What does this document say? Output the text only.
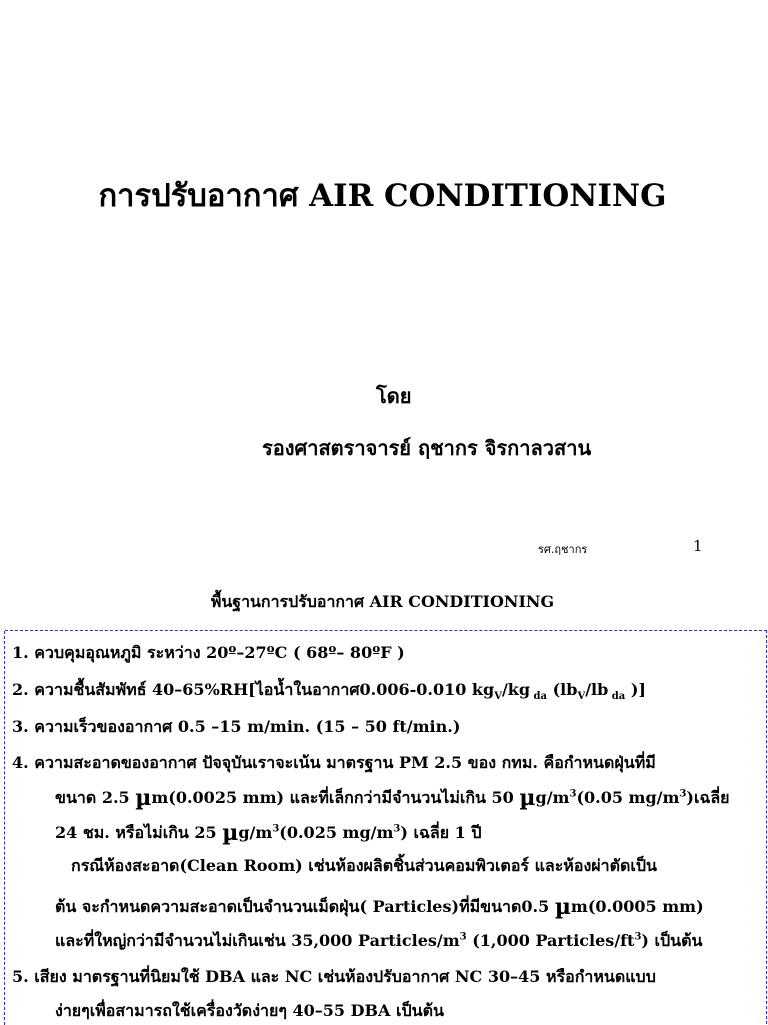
การปรับอากาศ AIR CONDITIONING
โดย
รองศาสตราจารย์ ฤชากร จิรกาลวสาน
รศ.ฤชากร	1
พื้นฐานการปรับอากาศ AIR CONDITIONING
1. ควบคุมอุณหภูมิ ระหว่าง 20º–27ºC ( 68º– 80ºF )
2. ความชื้นสัมพัทธ์ 40–65%RH[ไอน้ำในอากาศ0.006-0.010 $kg_V/kg$ $_{da}$ ($lb_V/lb$ $_{da}$ )]
3. ความเร็วของอากาศ 0.5 –15 m/min. (15 – 50 ft/min.)
4. ความสะอาดของอากาศ ปัจจุบันเราจะเน้น มาตรฐาน PM 2.5 ของ กทม. คือกำหนดฝุ่นที่มี
ขนาด 2.5 µm(0.0025 mm) และที่เล็กกว่ามีจำนวนไม่เกิน 50 $\mu g/m^3(0.05$ $mg/m^3$)เฉลี่ย
24 ชม. หรือไม่เกิน 25 $\mu g/m^3(0.025$ $mg/m^3$) เฉลี่ย 1 ปี
กรณีห้องสะอาด(Clean Room) เช่นห้องผลิตชิ้นส่วนคอมพิวเตอร์ และห้องผ่าตัดเป็น
ต้น จะกำหนดความสะอาดเป็นจำนวนเม็ดฝุ่น( Particles)ที่มีขนาด0.5 µm(0.0005 mm)
และที่ใหญ่กว่ามีจำนวนไม่เกินเช่น 35,000 Particles/$m^3$ (1,000 Particles/$ft^3$) เป็นต้น
5. เสียง มาตรฐานที่นิยมใช้ DBA และ NC เช่นห้องปรับอากาศ NC 30–45 หรือกำหนดแบบ
ง่ายๆเพื่อสามารถใช้เครื่องวัดง่ายๆ 40–55 DBA เป็นต้น
